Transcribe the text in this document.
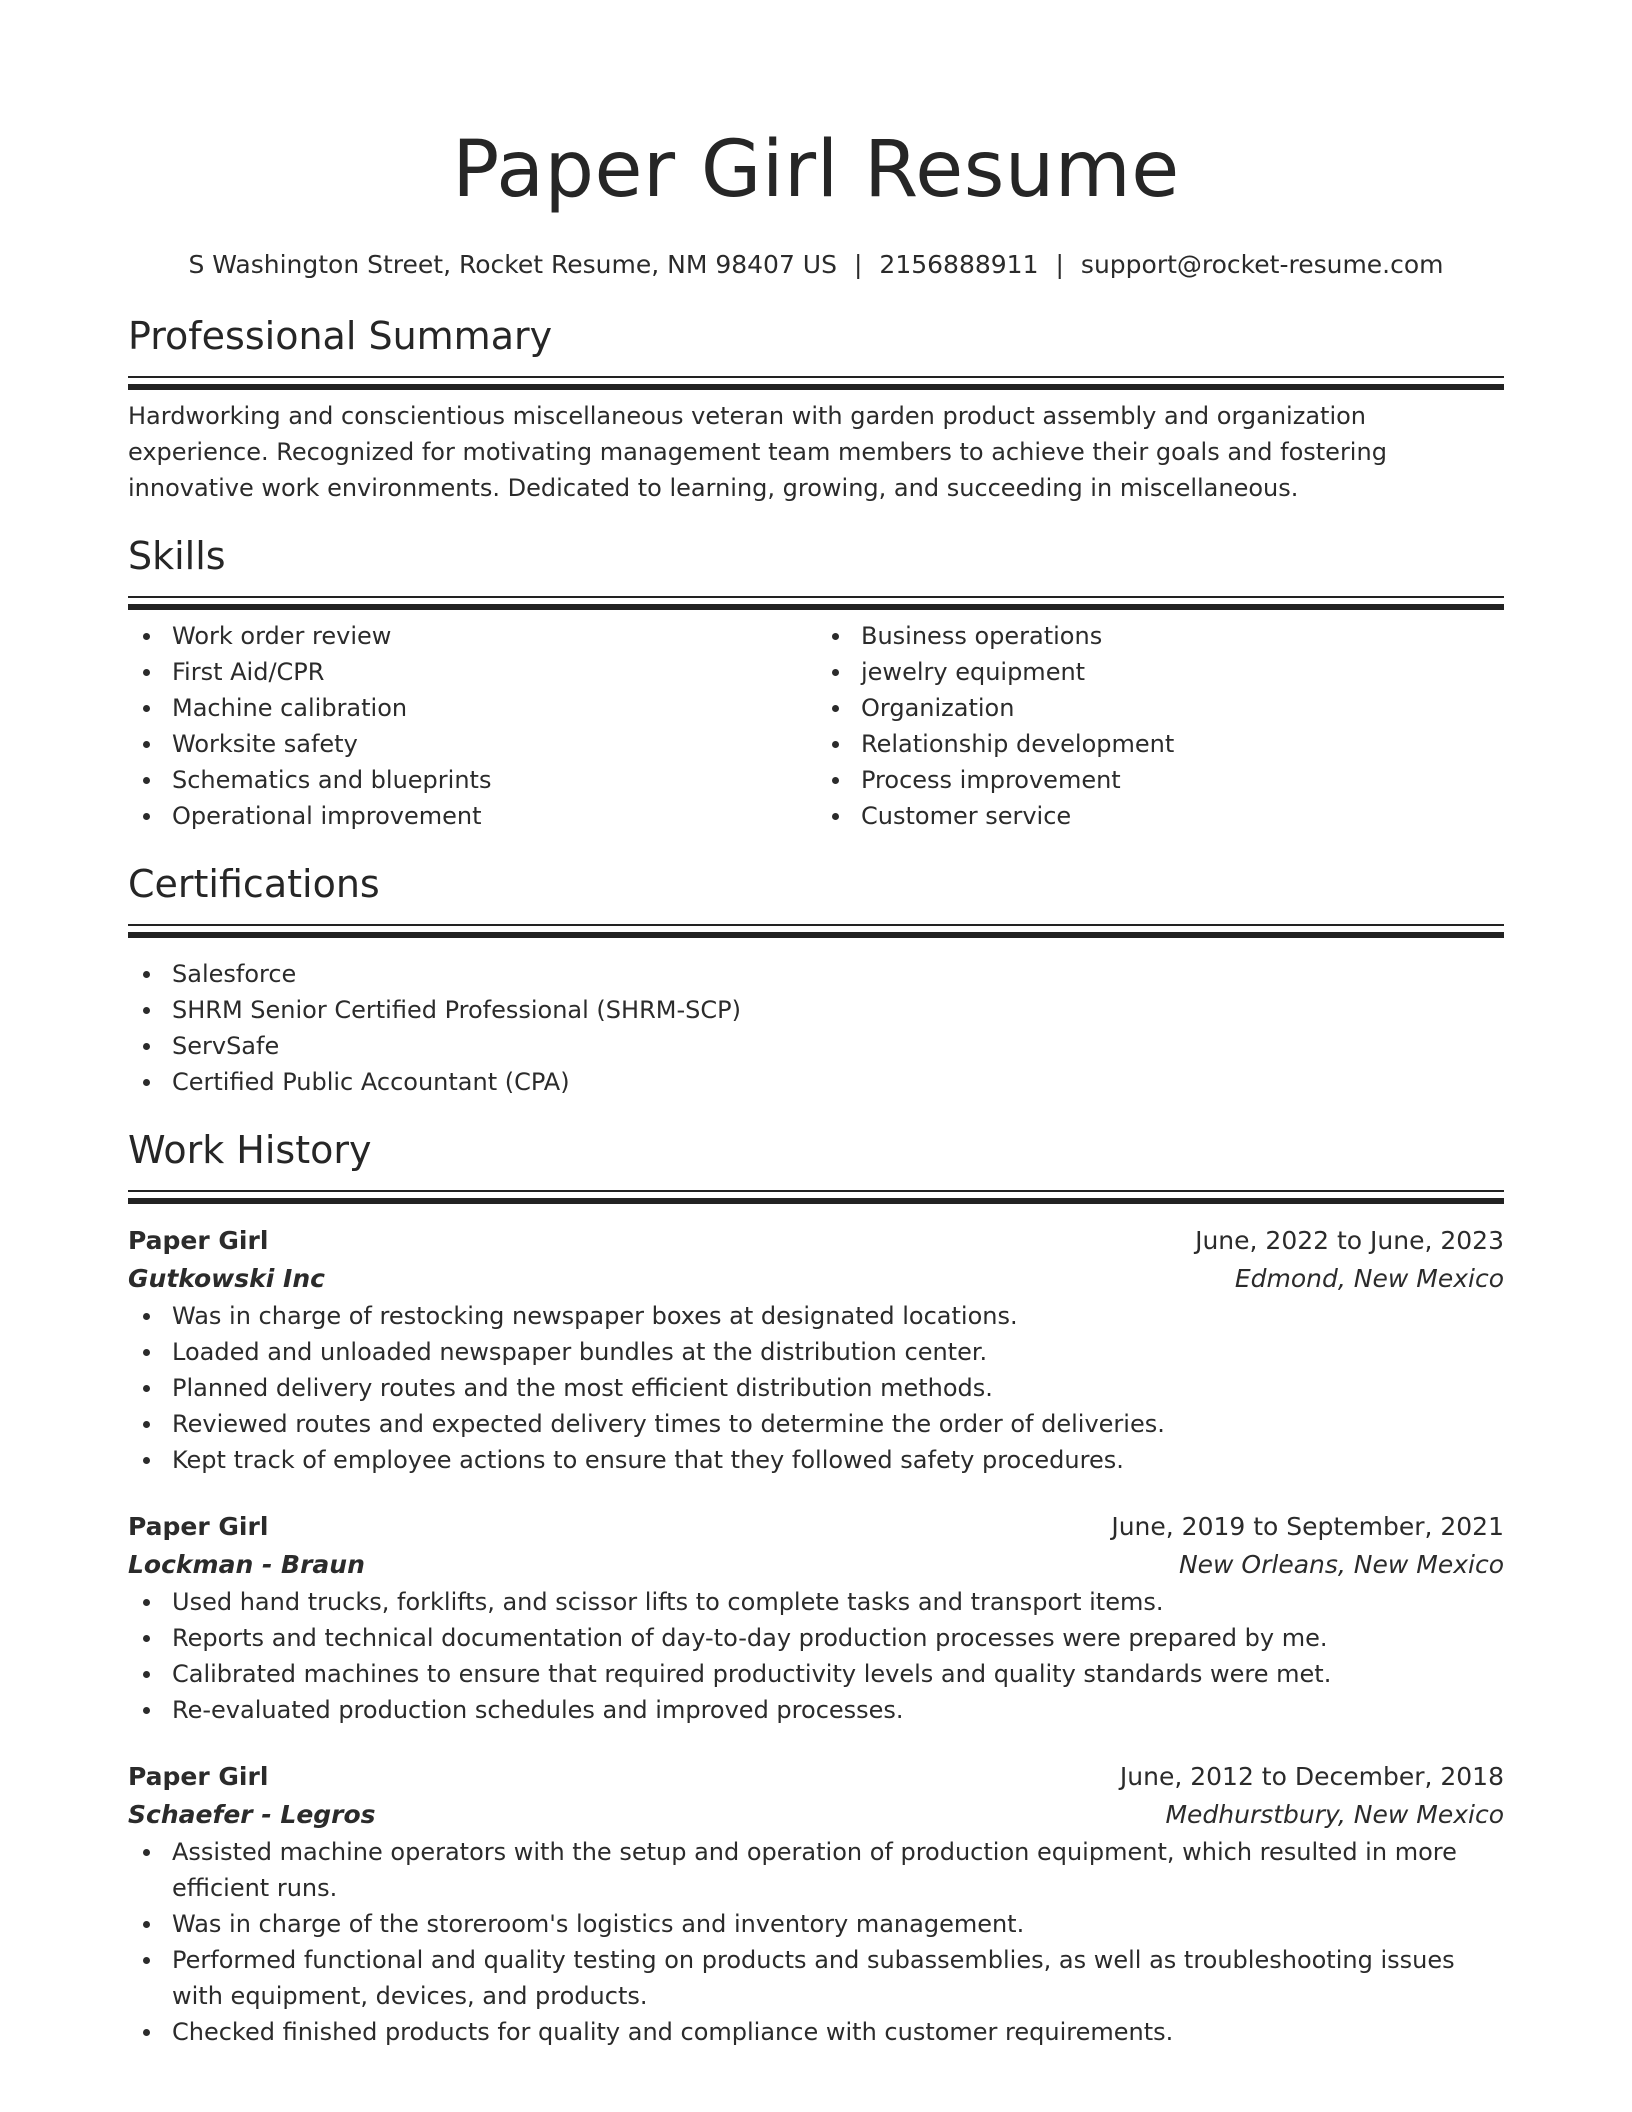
Paper Girl Resume
S Washington Street, Rocket Resume, NM 98407 US | 2156888911 | support@rocket-resume.com
Professional Summary
Hardworking and conscientious miscellaneous veteran with garden product assembly and organization experience. Recognized for motivating management team members to achieve their goals and fostering innovative work environments. Dedicated to learning, growing, and succeeding in miscellaneous.
Skills
Work order review
First Aid/CPR
Machine calibration
Worksite safety
Schematics and blueprints
Operational improvement
Business operations
jewelry equipment
Organization
Relationship development
Process improvement
Customer service
Certifications
Salesforce
SHRM Senior Certified Professional (SHRM-SCP)
ServSafe
Certified Public Accountant (CPA)
Work History
Paper Girl	June, 2022 to June, 2023
Gutkowski Inc	Edmond, New Mexico
Was in charge of restocking newspaper boxes at designated locations.
Loaded and unloaded newspaper bundles at the distribution center.
Planned delivery routes and the most efficient distribution methods.
Reviewed routes and expected delivery times to determine the order of deliveries.
Kept track of employee actions to ensure that they followed safety procedures.
Paper Girl	June, 2019 to September, 2021
Lockman - Braun	New Orleans, New Mexico
Used hand trucks, forklifts, and scissor lifts to complete tasks and transport items.
Reports and technical documentation of day-to-day production processes were prepared by me.
Calibrated machines to ensure that required productivity levels and quality standards were met.
Re-evaluated production schedules and improved processes.
Paper Girl	June, 2012 to December, 2018
Schaefer - Legros	Medhurstbury, New Mexico
Assisted machine operators with the setup and operation of production equipment, which resulted in more efficient runs.
Was in charge of the storeroom's logistics and inventory management.
Performed functional and quality testing on products and subassemblies, as well as troubleshooting issues with equipment, devices, and products.
Checked finished products for quality and compliance with customer requirements.
